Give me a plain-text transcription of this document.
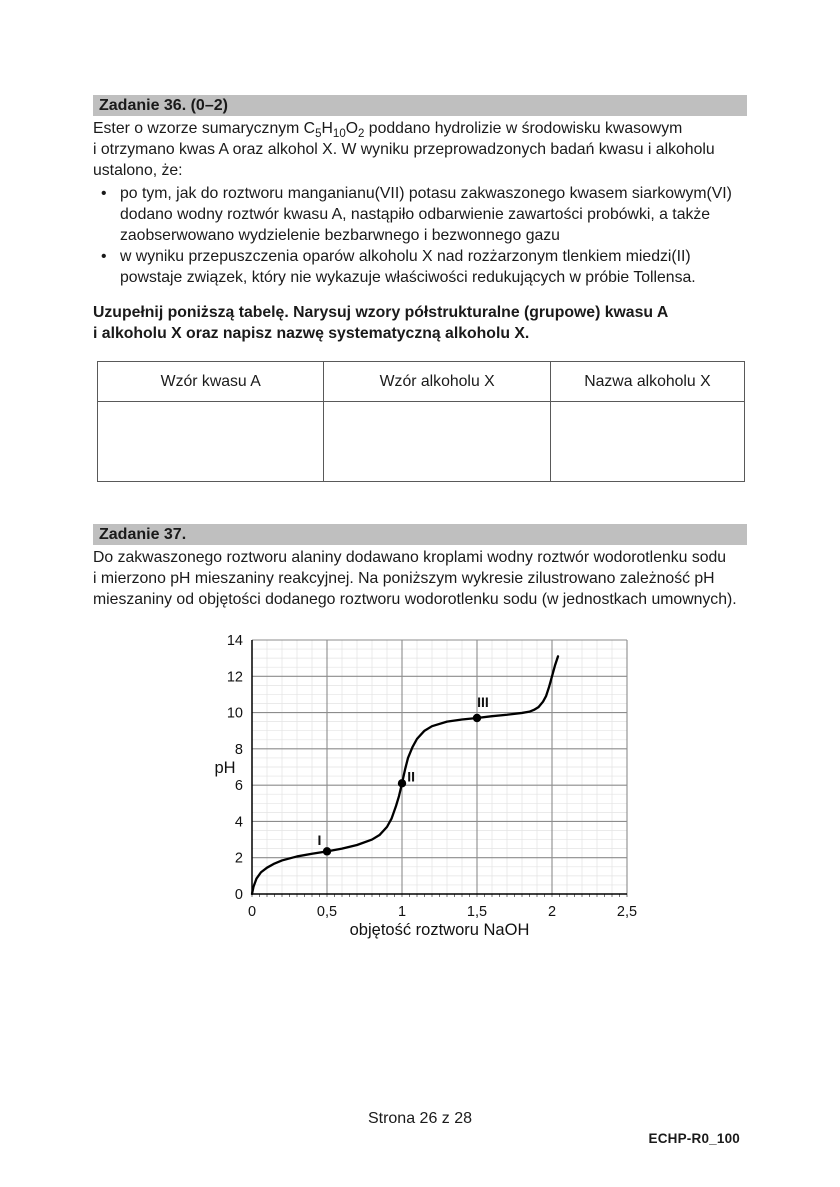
Zadanie 36. (0–2)

Ester o wzorze sumarycznym $C_5H_{10}O_2$ poddano hydrolizie w środowisku kwasowym
i otrzymano kwas A oraz alkohol X. W wyniku przeprowadzonych badań kwasu i alkoholu
ustalono, że:

• po tym, jak do roztworu manganianu(VII) potasu zakwaszonego kwasem siarkowym(VI)
dodano wodny roztwór kwasu A, nastąpiło odbarwienie zawartości probówki, a także
zaobserwowano wydzielenie bezbarwnego i bezwonnego gazu
• w wyniku przepuszczenia oparów alkoholu X nad rozżarzonym tlenkiem miedzi(II)
powstaje związek, który nie wykazuje właściwości redukujących w próbie Tollensa.

Uzupełnij poniższą tabelę. Narysuj wzory półstrukturalne (grupowe) kwasu A
i alkoholu X oraz napisz nazwę systematyczną alkoholu X.

Wzór kwasu A	Wzór alkoholu X	Nazwa alkoholu X

Zadanie 37.

Do zakwaszonego roztworu alaniny dodawano kroplami wodny roztwór wodorotlenku sodu
i mierzono pH mieszaniny reakcyjnej. Na poniższym wykresie zilustrowano zależność pH
mieszaniny od objętości dodanego roztworu wodorotlenku sodu (w jednostkach umownych).

I
II
III
0
2
4
6
8
10
12
14
0	0,5	1	1,5	2	2,5
pH
objętość roztworu NaOH
Strona 26 z 28
ECHP-R0_100
